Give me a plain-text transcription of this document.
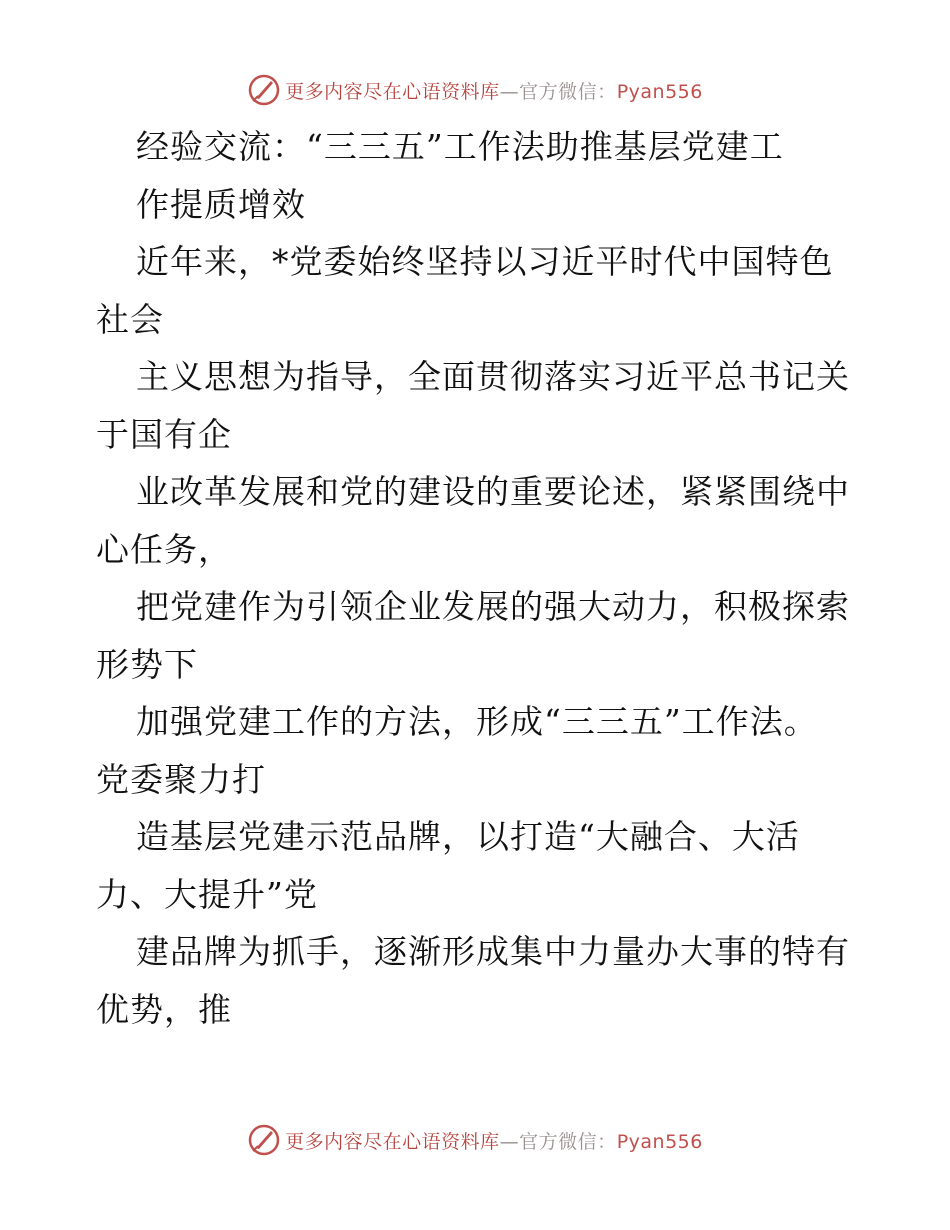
更多内容尽在心语资料库—官方微信：Pyan556
经验交流：“三三五”工作法助推基层党建工
作提质增效
近年来，*党委始终坚持以习近平时代中国特色
社会
主义思想为指导，全面贯彻落实习近平总书记关
于国有企
业改革发展和党的建设的重要论述，紧紧围绕中
心任务，
把党建作为引领企业发展的强大动力，积极探索
形势下
加强党建工作的方法，形成“三三五”工作法。
党委聚力打
造基层党建示范品牌，以打造“大融合、大活
力、大提升”党
建品牌为抓手，逐渐形成集中力量办大事的特有
优势，推
更多内容尽在心语资料库—官方微信：Pyan556
